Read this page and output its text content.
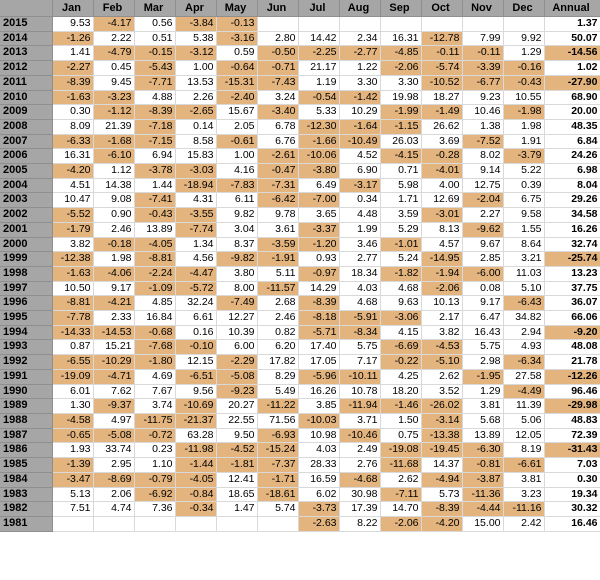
	Jan	Feb	Mar	Apr	May	Jun	Jul	Aug	Sep	Oct	Nov	Dec	Annual
2015	9.53	-4.17	0.56	-3.84	-0.13								1.37
2014	-1.26	2.22	0.51	5.38	-3.16	2.80	14.42	2.34	16.31	-12.78	7.99	9.92	50.07
2013	1.41	-4.79	-0.15	-3.12	0.59	-0.50	-2.25	-2.77	-4.85	-0.11	-0.11	1.29	-14.56
2012	-2.27	0.45	-5.43	1.00	-0.64	-0.71	21.17	1.22	-2.06	-5.74	-3.39	-0.16	1.02
2011	-8.39	9.45	-7.71	13.53	-15.31	-7.43	1.19	3.30	3.30	-10.52	-6.77	-0.43	-27.90
2010	-1.63	-3.23	4.88	2.26	-2.40	3.24	-0.54	-1.42	19.98	18.27	9.23	10.55	68.90
2009	0.30	-1.12	-8.39	-2.65	15.67	-3.40	5.33	10.29	-1.99	-1.49	10.46	-1.98	20.00
2008	8.09	21.39	-7.18	0.14	2.05	6.78	-12.30	-1.64	-1.15	26.62	1.38	1.98	48.35
2007	-6.33	-1.68	-7.15	8.58	-0.61	6.76	-1.66	-10.49	26.03	3.69	-7.52	1.91	6.84
2006	16.31	-6.10	6.94	15.83	1.00	-2.61	-10.06	4.52	-4.15	-0.28	8.02	-3.79	24.26
2005	-4.20	1.12	-3.78	-3.03	4.16	-0.47	-3.80	6.90	0.71	-4.01	9.14	5.22	6.98
2004	4.51	14.38	1.44	-18.94	-7.83	-7.31	6.49	-3.17	5.98	4.00	12.75	0.39	8.04
2003	10.47	9.08	-7.41	4.31	6.11	-6.42	-7.00	0.34	1.71	12.69	-2.04	6.75	29.26
2002	-5.52	0.90	-0.43	-3.55	9.82	9.78	3.65	4.48	3.59	-3.01	2.27	9.58	34.58
2001	-1.79	2.46	13.89	-7.74	3.04	3.61	-3.37	1.99	5.29	8.13	-9.62	1.55	16.26
2000	3.82	-0.18	-4.05	1.34	8.37	-3.59	-1.20	3.46	-1.01	4.57	9.67	8.64	32.74
1999	-12.38	1.98	-8.81	4.56	-9.82	-1.91	0.93	2.77	5.24	-14.95	2.85	3.21	-25.74
1998	-1.63	-4.06	-2.24	-4.47	3.80	5.11	-0.97	18.34	-1.82	-1.94	-6.00	11.03	13.23
1997	10.50	9.17	-1.09	-5.72	8.00	-11.57	14.29	4.03	4.68	-2.06	0.08	5.10	37.75
1996	-8.81	-4.21	4.85	32.24	-7.49	2.68	-8.39	4.68	9.63	10.13	9.17	-6.43	36.07
1995	-7.78	2.33	16.84	6.61	12.27	2.46	-8.18	-5.91	-3.06	2.17	6.47	34.82	66.06
1994	-14.33	-14.53	-0.68	0.16	10.39	0.82	-5.71	-8.34	4.15	3.82	16.43	2.94	-9.20
1993	0.87	15.21	-7.68	-0.10	6.00	6.20	17.40	5.75	-6.69	-4.53	5.75	4.93	48.08
1992	-6.55	-10.29	-1.80	12.15	-2.29	17.82	17.05	7.17	-0.22	-5.10	2.98	-6.34	21.78
1991	-19.09	-4.71	4.69	-6.51	-5.08	8.29	-5.96	-10.11	4.25	2.62	-1.95	27.58	-12.26
1990	6.01	7.62	7.67	9.56	-9.23	5.49	16.26	10.78	18.20	3.52	1.29	-4.49	96.46
1989	1.30	-9.37	3.74	-10.69	20.27	-11.22	3.85	-11.94	-1.46	-26.02	3.81	11.39	-29.98
1988	-4.58	4.97	-11.75	-21.37	22.55	71.56	-10.03	3.71	1.50	-3.14	5.68	5.06	48.83
1987	-0.65	-5.08	-0.72	63.28	9.50	-6.93	10.98	-10.46	0.75	-13.38	13.89	12.05	72.39
1986	1.93	33.74	0.23	-11.98	-4.52	-15.24	4.03	2.49	-19.08	-19.45	-6.30	8.19	-31.43
1985	-1.39	2.95	1.10	-1.44	-1.81	-7.37	28.33	2.76	-11.68	14.37	-0.81	-6.61	7.03
1984	-3.47	-8.69	-0.79	-4.05	12.41	-1.71	16.59	-4.68	2.62	-4.94	-3.87	3.81	0.30
1983	5.13	2.06	-6.92	-0.84	18.65	-18.61	6.02	30.98	-7.11	5.73	-11.36	3.23	19.34
1982	7.51	4.74	7.36	-0.34	1.47	5.74	-3.73	17.39	14.70	-8.39	-4.44	-11.16	30.32
1981							-2.63	8.22	-2.06	-4.20	15.00	2.42	16.46
